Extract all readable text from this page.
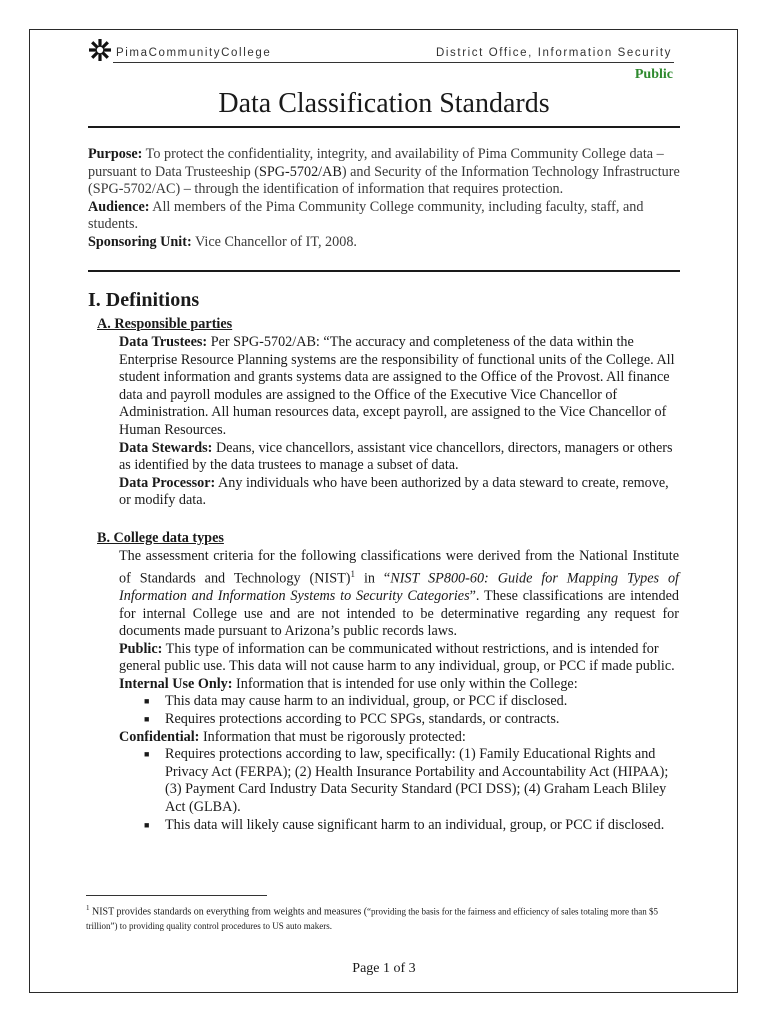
PimaCommunityCollege	District Office, Information Security
Public
Data Classification Standards
Purpose: To protect the confidentiality, integrity, and availability of Pima Community College data – pursuant to Data Trusteeship (SPG-5702/AB) and Security of the Information Technology Infrastructure (SPG-5702/AC) – through the identification of information that requires protection.
Audience: All members of the Pima Community College community, including faculty, staff, and students.
Sponsoring Unit: Vice Chancellor of IT, 2008.
I. Definitions
A. Responsible parties
Data Trustees: Per SPG-5702/AB: “The accuracy and completeness of the data within the Enterprise Resource Planning systems are the responsibility of functional units of the College. All student information and grants systems data are assigned to the Office of the Provost. All finance data and payroll modules are assigned to the Office of the Executive Vice Chancellor of Administration. All human resources data, except payroll, are assigned to the Vice Chancellor of Human Resources.
Data Stewards: Deans, vice chancellors, assistant vice chancellors, directors, managers or others as identified by the data trustees to manage a subset of data.
Data Processor: Any individuals who have been authorized by a data steward to create, remove, or modify data.
B. College data types
The assessment criteria for the following classifications were derived from the National Institute of Standards and Technology (NIST)$^1$ in “NIST SP800-60: Guide for Mapping Types of Information and Information Systems to Security Categories”. These classifications are intended for internal College use and are not intended to be determinative regarding any request for documents made pursuant to Arizona’s public records laws.
Public: This type of information can be communicated without restrictions, and is intended for general public use. This data will not cause harm to any individual, group, or PCC if made public.
Internal Use Only: Information that is intended for use only within the College:
■ This data may cause harm to an individual, group, or PCC if disclosed.
■ Requires protections according to PCC SPGs, standards, or contracts.
Confidential: Information that must be rigorously protected:
■ Requires protections according to law, specifically: (1) Family Educational Rights and Privacy Act (FERPA); (2) Health Insurance Portability and Accountability Act (HIPAA); (3) Payment Card Industry Data Security Standard (PCI DSS); (4) Graham Leach Bliley Act (GLBA).
■ This data will likely cause significant harm to an individual, group, or PCC if disclosed.
$^1$ NIST provides standards on everything from weights and measures (“providing the basis for the fairness and efficiency of sales totaling more than $5 trillion”) to providing quality control procedures to US auto makers.
Page 1 of 3
